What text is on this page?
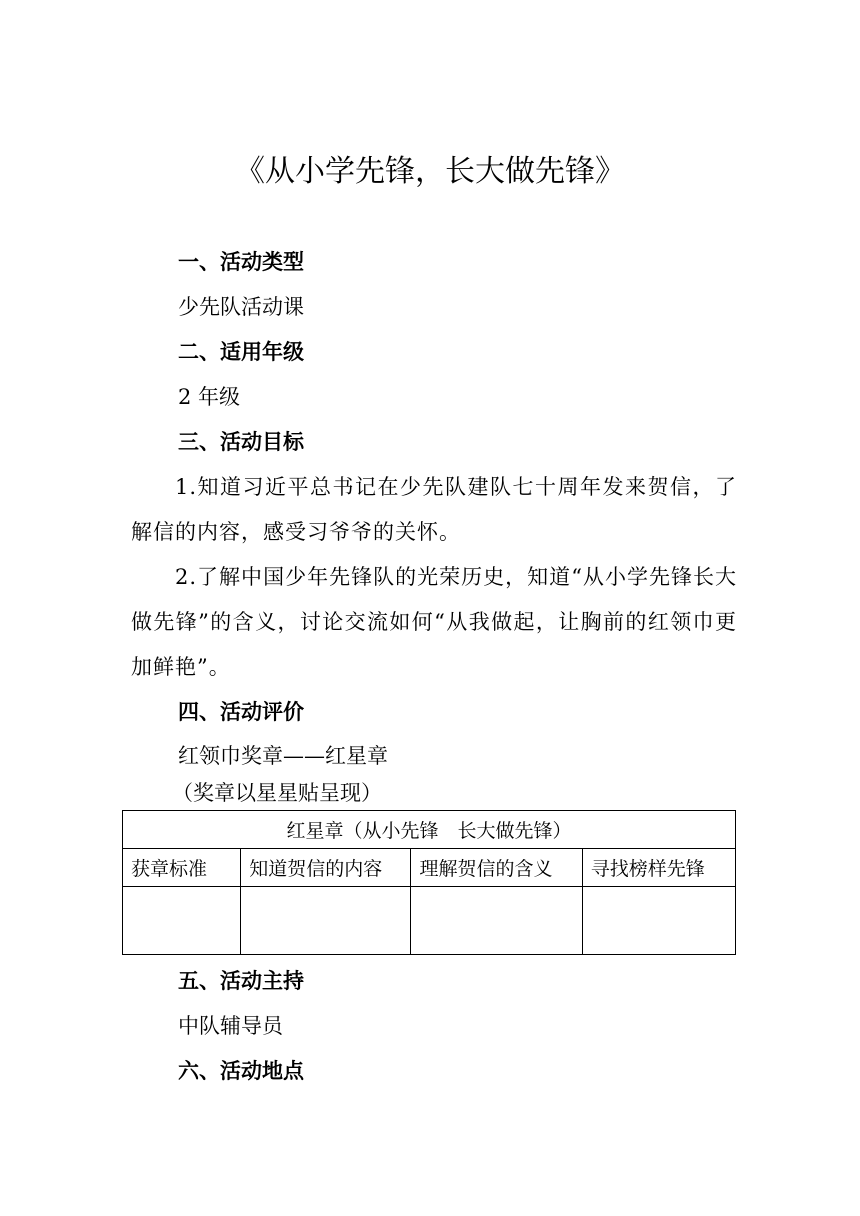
《从小学先锋，长大做先锋》
一、活动类型
少先队活动课
二、适用年级
2 年级
三、活动目标
1.知道习近平总书记在少先队建队七十周年发来贺信，了解信的内容，感受习爷爷的关怀。
2.了解中国少年先锋队的光荣历史，知道“从小学先锋长大做先锋”的含义，讨论交流如何“从我做起，让胸前的红领巾更加鲜艳”。
四、活动评价
红领巾奖章——红星章
（奖章以星星贴呈现）
红星章（从小先锋　长大做先锋）			
获章标准	知道贺信的内容	理解贺信的含义	寻找榜样先锋

五、活动主持
中队辅导员
六、活动地点
